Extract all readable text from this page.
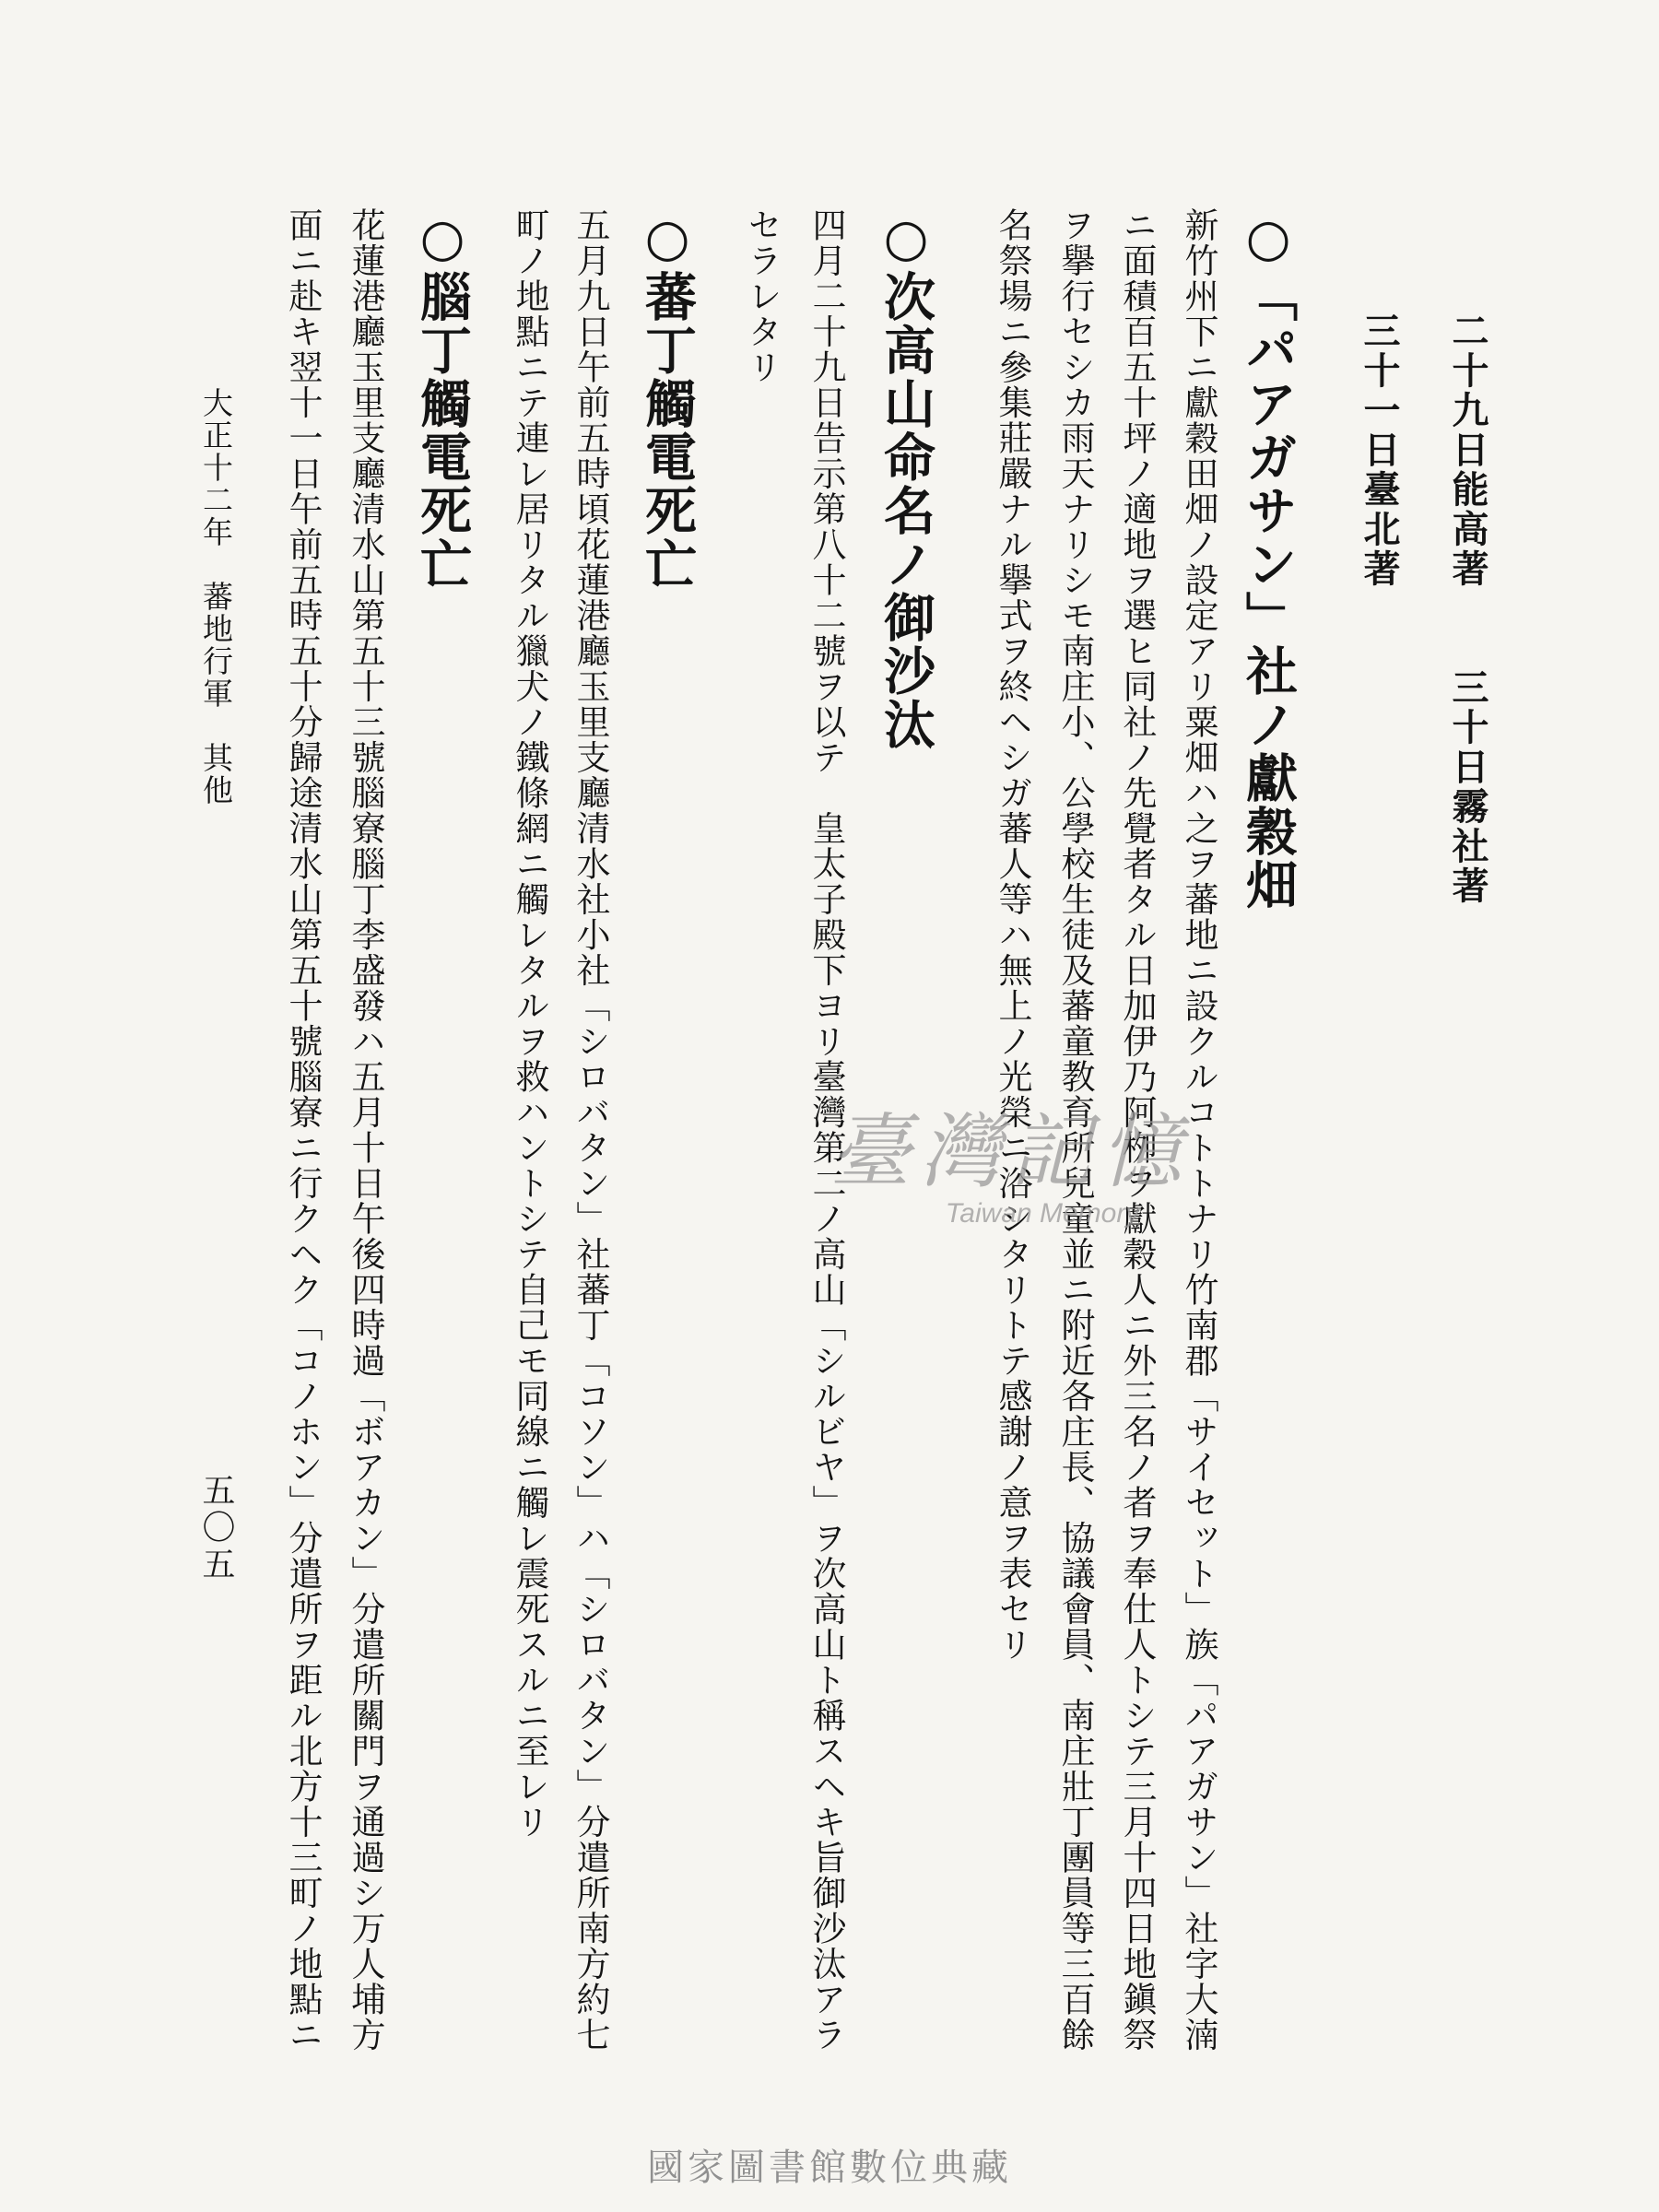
二十九日能高著　　三十日霧社著
三十一日臺北著
○「パアガサン」社ノ獻穀畑
新竹州下ニ獻穀田畑ノ設定アリ粟畑ハ之ヲ蕃地ニ設クルコトトナリ竹南郡「サイセット」族「パアガサン」社字大湳
ニ面積百五十坪ノ適地ヲ選ヒ同社ノ先覺者タル日加伊乃阿栁ヲ獻穀人ニ外三名ノ者ヲ奉仕人トシテ三月十四日地鎭祭
ヲ擧行セシカ雨天ナリシモ南庄小、公學校生徒及蕃童教育所兒童並ニ附近各庄長、協議會員、南庄壯丁團員等三百餘
名祭場ニ參集莊嚴ナル擧式ヲ終ヘシガ蕃人等ハ無上ノ光榮ニ浴シタリトテ感謝ノ意ヲ表セリ
○次高山命名ノ御沙汰
四月二十九日告示第八十二號ヲ以テ　皇太子殿下ヨリ臺灣第二ノ高山「シルビヤ」ヲ次高山ト稱スヘキ旨御沙汰アラ
セラレタリ
○蕃丁觸電死亡
五月九日午前五時頃花蓮港廳玉里支廳清水社小社「シロバタン」社蕃丁「コソン」ハ「シロバタン」分遣所南方約七
町ノ地點ニテ連レ居リタル獵犬ノ鐵條網ニ觸レタルヲ救ハントシテ自己モ同線ニ觸レ震死スルニ至レリ
○腦丁觸電死亡
花蓮港廳玉里支廳清水山第五十三號腦寮腦丁李盛發ハ五月十日午後四時過「ボアカン」分遣所關門ヲ通過シ万人埔方
面ニ赴キ翌十一日午前五時五十分歸途清水山第五十號腦寮ニ行クヘク「コノホン」分遣所ヲ距ル北方十三町ノ地點ニ
大正十二年　蕃地行軍　其他
五〇五
臺灣記憶
Taiwan Memory
國家圖書館數位典藏
